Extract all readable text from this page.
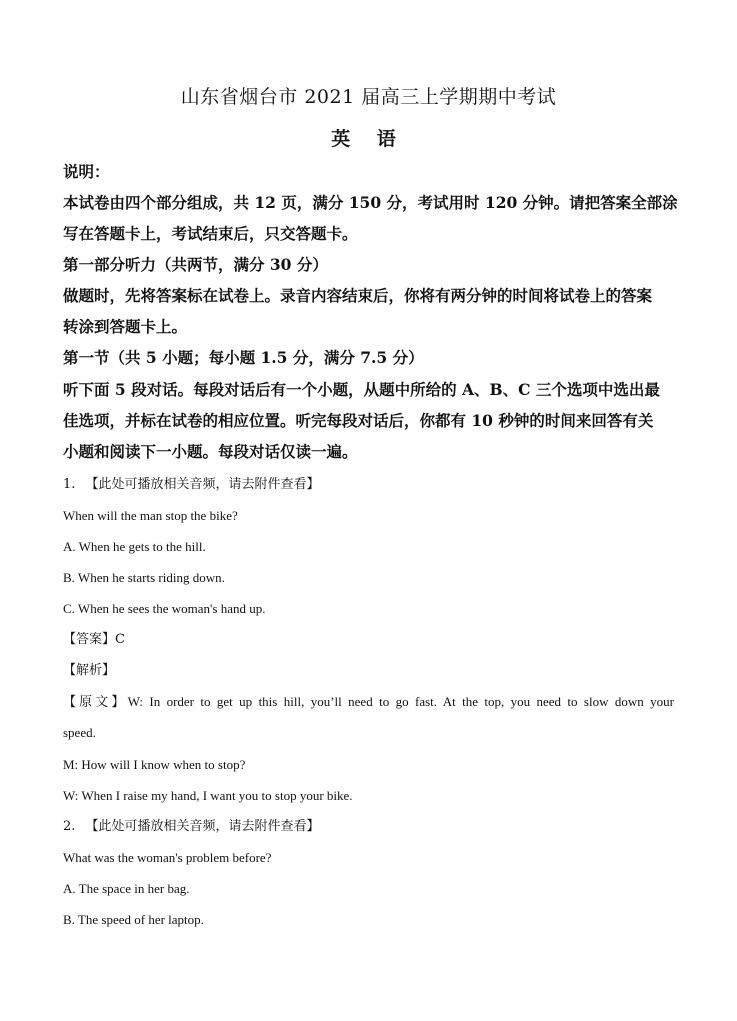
山东省烟台市 2021 届高三上学期期中考试
英 语
说明：
本试卷由四个部分组成，共 12 页，满分 150 分，考试用时 120 分钟。请把答案全部涂
写在答题卡上，考试结束后，只交答题卡。
第一部分听力（共两节，满分 30 分）
做题时，先将答案标在试卷上。录音内容结束后，你将有两分钟的时间将试卷上的答案
转涂到答题卡上。
第一节（共 5 小题；每小题 1.5 分，满分 7.5 分）
听下面 5 段对话。每段对话后有一个小题，从题中所给的 A、B、C 三个选项中选出最
佳选项，并标在试卷的相应位置。听完每段对话后，你都有 10 秒钟的时间来回答有关
小题和阅读下一小题。每段对话仅读一遍。
1. 【此处可播放相关音频，请去附件查看】
When will the man stop the bike?
A. When he gets to the hill.
B. When he starts riding down.
C. When he sees the woman's hand up.
【答案】C
【解析】
【原文】W: In order to get up this hill, you’ll need to go fast. At the top, you need to slow down your
speed.
M: How will I know when to stop?
W: When I raise my hand, I want you to stop your bike.
2. 【此处可播放相关音频，请去附件查看】
What was the woman's problem before?
A. The space in her bag.
B. The speed of her laptop.
